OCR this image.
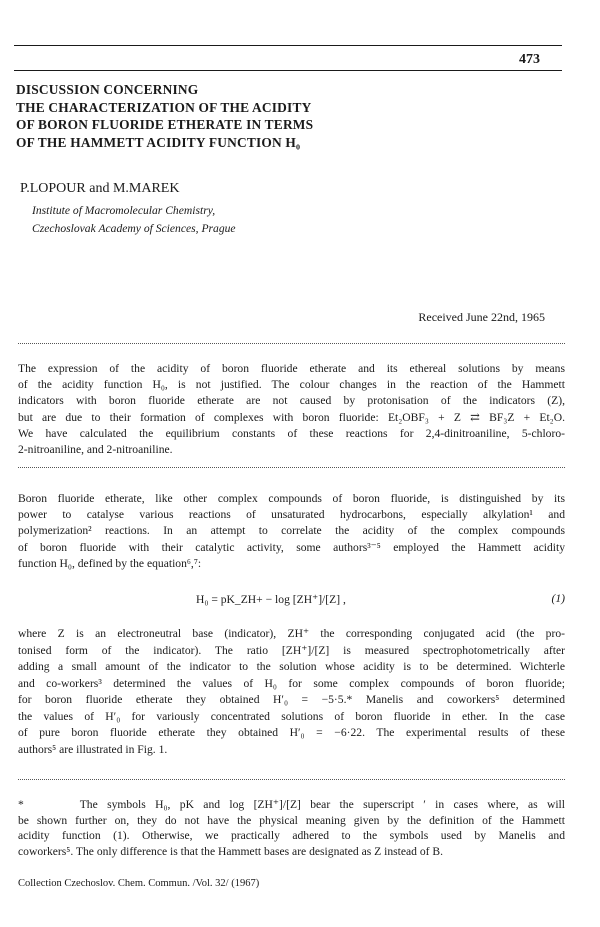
473
DISCUSSION CONCERNING
THE CHARACTERIZATION OF THE ACIDITY
OF BORON FLUORIDE ETHERATE IN TERMS
OF THE HAMMETT ACIDITY FUNCTION H₀
P.LOPOUR and M.MAREK
Institute of Macromolecular Chemistry,
Czechoslovak Academy of Sciences, Prague
Received June 22nd, 1965
The expression of the acidity of boron fluoride etherate and its ethereal solutions by means
of the acidity function H₀, is not justified. The colour changes in the reaction of the Hammett
indicators with boron fluoride etherate are not caused by protonisation of the indicators (Z),
but are due to their formation of complexes with boron fluoride: Et₂OBF₃ + Z ⇄ BF₃Z + Et₂O.
We have calculated the equilibrium constants of these reactions for 2,4-dinitroaniline, 5-chloro-
2-nitroaniline, and 2-nitroaniline.
Boron fluoride etherate, like other complex compounds of boron fluoride, is distinguished by its
power to catalyse various reactions of unsaturated hydrocarbons, especially alkylation¹ and
polymerization² reactions. In an attempt to correlate the acidity of the complex compounds
of boron fluoride with their catalytic activity, some authors³⁻⁵ employed the Hammett acidity
function H₀, defined by the equation⁶,⁷:
H₀ = pK_ZH+ − log [ZH⁺]/[Z] ,	(1)
where Z is an electroneutral base (indicator), ZH⁺ the corresponding conjugated acid (the pro-
tonised form of the indicator). The ratio [ZH⁺]/[Z] is measured spectrophotometrically after
adding a small amount of the indicator to the solution whose acidity is to be determined. Wichterle
and co-workers³ determined the values of H₀ for some complex compounds of boron fluoride;
for boron fluoride etherate they obtained H′₀ = −5·5.* Manelis and coworkers⁵ determined
the values of H′₀ for variously concentrated solutions of boron fluoride in ether. In the case
of pure boron fluoride etherate they obtained H′₀ = −6·22. The experimental results of these
authors⁵ are illustrated in Fig. 1.
*      The symbols H₀, pK and log [ZH⁺]/[Z] bear the superscript ′ in cases where, as will
be shown further on, they do not have the physical meaning given by the definition of the Hammett
acidity function (1). Otherwise, we practically adhered to the symbols used by Manelis and
coworkers⁵. The only difference is that the Hammett bases are designated as Z instead of B.
Collection Czechoslov. Chem. Commun. /Vol. 32/ (1967)
